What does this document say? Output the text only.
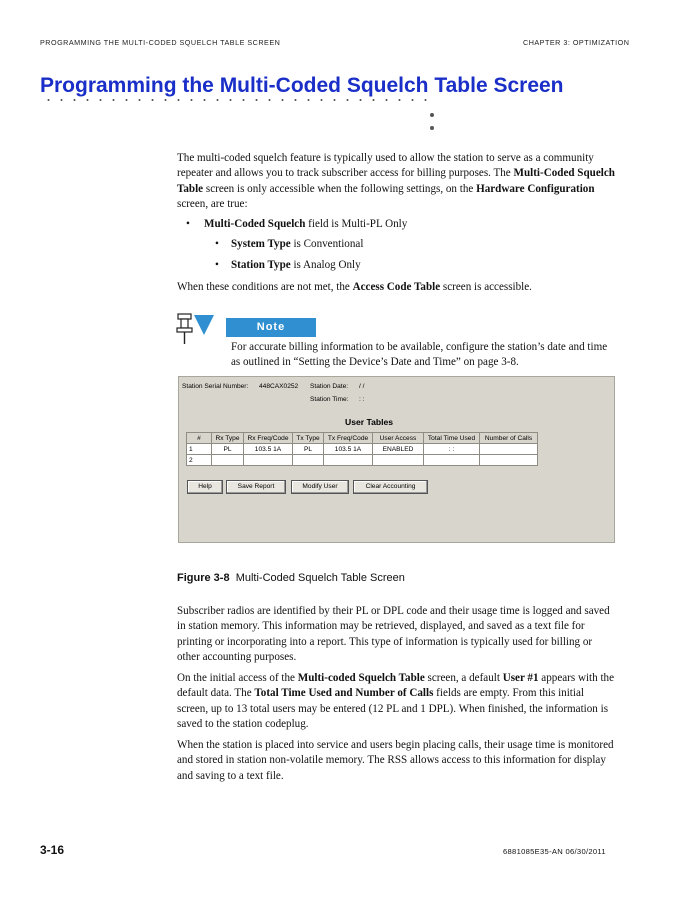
PROGRAMMING THE MULTI-CODED SQUELCH TABLE SCREEN	CHAPTER 3: OPTIMIZATION
Programming the Multi-Coded Squelch Table Screen

The multi-coded squelch feature is typically used to allow the station to serve as a community repeater and allows you to track subscriber access for billing purposes. The Multi-Coded Squelch Table screen is only accessible when the following settings, on the Hardware Configuration screen, are true:

• Multi-Coded Squelch field is Multi-PL Only
• System Type is Conventional
• Station Type is Analog Only

When these conditions are not met, the Access Code Table screen is accessible.

Note
For accurate billing information to be available, configure the station’s date and time as outlined in “Setting the Device’s Date and Time” on page 3-8.
Station Serial Number: 448CAX0252 Station Date: / /
Station Time: : :
User Tables
#	Rx Type	Rx Freq/Code	Tx Type	Tx Freq/Code	User Access	Total Time Used	Number of Calls
1	PL	103.5 1A	PL	103.5 1A	ENABLED	: :	
2							
Help	Save Report	Modify User	Clear Accounting
Figure 3-8 Multi-Coded Squelch Table Screen
Subscriber radios are identified by their PL or DPL code and their usage time is logged and saved in station memory. This information may be retrieved, displayed, and saved as a text file for printing or incorporating into a report. This type of information is typically used for billing or other accounting purposes.

On the initial access of the Multi-coded Squelch Table screen, a default User #1 appears with the default data. The Total Time Used and Number of Calls fields are empty. From this initial screen, up to 13 total users may be entered (12 PL and 1 DPL). When finished, the information is saved to the station codeplug.

When the station is placed into service and users begin placing calls, their usage time is monitored and stored in station non-volatile memory. The RSS allows access to this information for display and saving to a text file.
3-16	6881085E35-AN 06/30/2011
